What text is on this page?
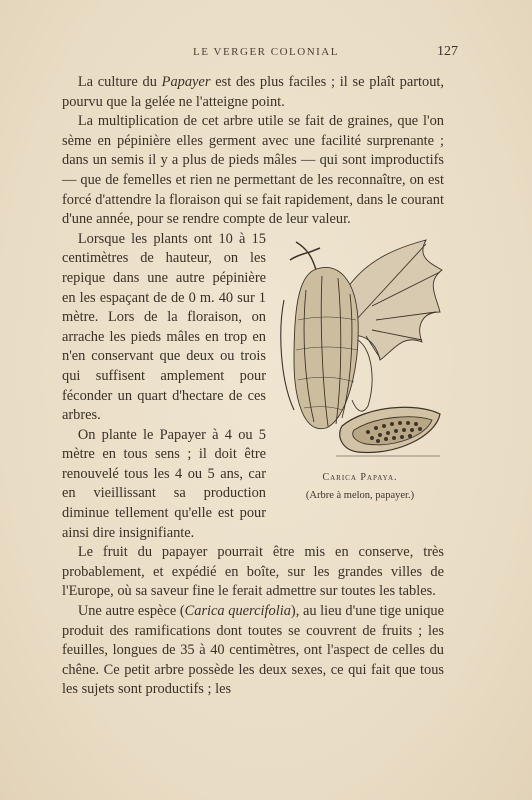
LE VERGER COLONIAL	127

La culture du Papayer est des plus faciles ; il se plaît partout, pourvu que la gelée ne l'atteigne point.

La multiplication de cet arbre utile se fait de graines, que l'on sème en pépinière elles germent avec une facilité surprenante ; dans un semis il y a plus de pieds mâles — qui sont improductifs — que de femelles et rien ne permettant de les reconnaître, on est forcé d'attendre la floraison qui se fait rapidement, dans le courant d'une année, pour se rendre compte de leur valeur.

Carica Papaya.
(Arbre à melon, papayer.)

Lorsque les plants ont 10 à 15 centimètres de hauteur, on les repique dans une autre pépinière en les espaçant de de 0 m. 40 sur 1 mètre. Lors de la floraison, on arrache les pieds mâles en trop en n'en conservant que deux ou trois qui suffisent amplement pour féconder un quart d'hectare de ces arbres.

On plante le Papayer à 4 ou 5 mètre en tous sens ; il doit être renouvelé tous les 4 ou 5 ans, car en vieillissant sa production diminue tellement qu'elle est pour ainsi dire insignifiante.

Le fruit du papayer pourrait être mis en conserve, très probablement, et expédié en boîte, sur les grandes villes de l'Europe, où sa saveur fine le ferait admettre sur toutes les tables.

Une autre espèce (Carica quercifolia), au lieu d'une tige unique produit des ramifications dont toutes se couvrent de fruits ; les feuilles, longues de 35 à 40 centimètres, ont l'aspect de celles du chêne. Ce petit arbre possède les deux sexes, ce qui fait que tous les sujets sont productifs ; les
